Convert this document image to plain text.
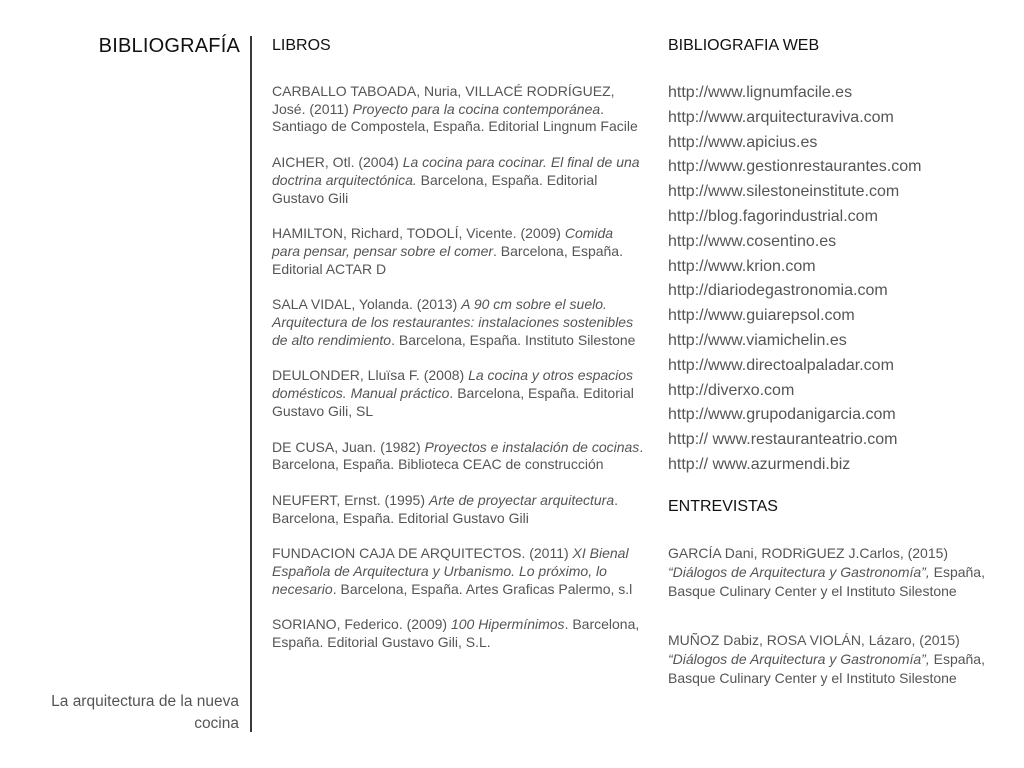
BIBLIOGRAFÍA
La arquitectura de la nueva cocina
LIBROS

CARBALLO TABOADA, Nuria, VILLACÉ RODRÍGUEZ, José. (2011) Proyecto para la cocina contemporánea. Santiago de Compostela, España. Editorial Lingnum Facile

AICHER, Otl. (2004) La cocina para cocinar. El final de una doctrina arquitectónica. Barcelona, España. Editorial Gustavo Gili

HAMILTON, Richard, TODOLÍ, Vicente. (2009) Comida para pensar, pensar sobre el comer. Barcelona, España. Editorial ACTAR D

SALA VIDAL, Yolanda. (2013) A 90 cm sobre el suelo. Arquitectura de los restaurantes: instalaciones sostenibles de alto rendimiento. Barcelona, España. Instituto Silestone

DEULONDER, Lluïsa F. (2008) La cocina y otros espacios domésticos. Manual práctico. Barcelona, España. Editorial Gustavo Gili, SL

DE CUSA, Juan. (1982) Proyectos e instalación de cocinas. Barcelona, España. Biblioteca CEAC de construcción

NEUFERT, Ernst. (1995) Arte de proyectar arquitectura. Barcelona, España. Editorial Gustavo Gili

FUNDACION CAJA DE ARQUITECTOS. (2011) XI Bienal Española de Arquitectura y Urbanismo. Lo próximo, lo necesario. Barcelona, España. Artes Graficas Palermo, s.l

SORIANO, Federico. (2009) 100 Hipermínimos. Barcelona, España. Editorial Gustavo Gili, S.L.

BIBLIOGRAFIA WEB
http://www.lignumfacile.es
http://www.arquitecturaviva.com
http://www.apicius.es
http://www.gestionrestaurantes.com
http://www.silestoneinstitute.com
http://blog.fagorindustrial.com
http://www.cosentino.es
http://www.krion.com
http://diariodegastronomia.com
http://www.guiarepsol.com
http://www.viamichelin.es
http://www.directoalpaladar.com
http://diverxo.com
http://www.grupodanigarcia.com
http:// www.restauranteatrio.com
http:// www.azurmendi.biz
ENTREVISTAS

GARCÍA Dani, RODRiGUEZ J.Carlos, (2015) “Diálogos de Arquitectura y Gastronomía”, España, Basque Culinary Center y el Instituto Silestone

MUÑOZ Dabiz, ROSA VIOLÁN, Lázaro, (2015) “Diálogos de Arquitectura y Gastronomía”, España, Basque Culinary Center y el Instituto Silestone
